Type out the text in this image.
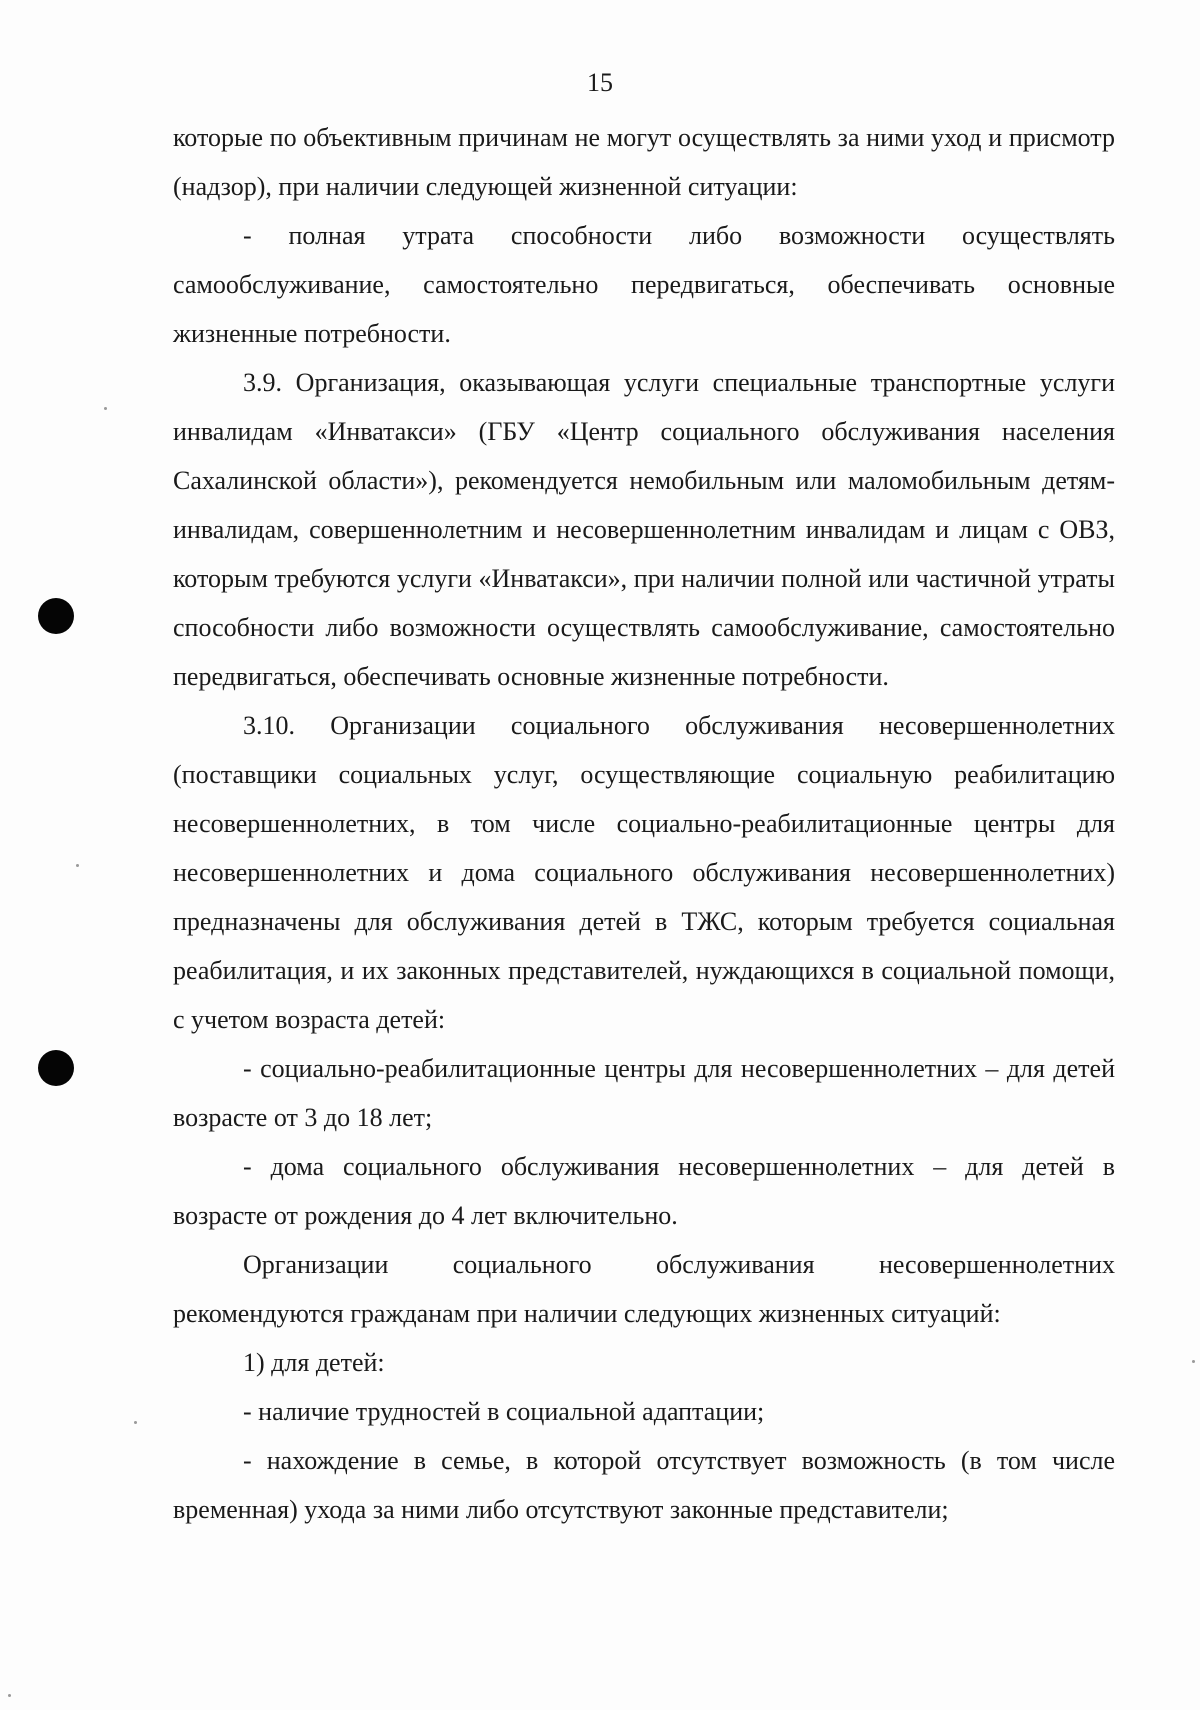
15

которые по объективным причинам не могут осуществлять за ними уход и присмотр (надзор), при наличии следующей жизненной ситуации:

- полная утрата способности либо возможности осуществлять самообслуживание, самостоятельно передвигаться, обеспечивать основные жизненные потребности.

3.9. Организация, оказывающая услуги специальные транспортные услуги инвалидам «Инватакси» (ГБУ «Центр социального обслуживания населения Сахалинской области»), рекомендуется немобильным или маломобильным детям-инвалидам, совершеннолетним и несовершеннолетним инвалидам и лицам с ОВЗ, которым требуются услуги «Инватакси», при наличии полной или частичной утраты способности либо возможности осуществлять самообслуживание, самостоятельно передвигаться, обеспечивать основные жизненные потребности.

3.10. Организации социального обслуживания несовершеннолетних (поставщики социальных услуг, осуществляющие социальную реабилитацию несовершеннолетних, в том числе социально-реабилитационные центры для несовершеннолетних и дома социального обслуживания несовершеннолетних) предназначены для обслуживания детей в ТЖС, которым требуется социальная реабилитация, и их законных представителей, нуждающихся в социальной помощи, с учетом возраста детей:

- социально-реабилитационные центры для несовершеннолетних – для детей возрасте от 3 до 18 лет;

- дома социального обслуживания несовершеннолетних – для детей в возрасте от рождения до 4 лет включительно.

Организации социального обслуживания несовершеннолетних рекомендуются гражданам при наличии следующих жизненных ситуаций:

1) для детей:

- наличие трудностей в социальной адаптации;

- нахождение в семье, в которой отсутствует возможность (в том числе временная) ухода за ними либо отсутствуют законные представители;
